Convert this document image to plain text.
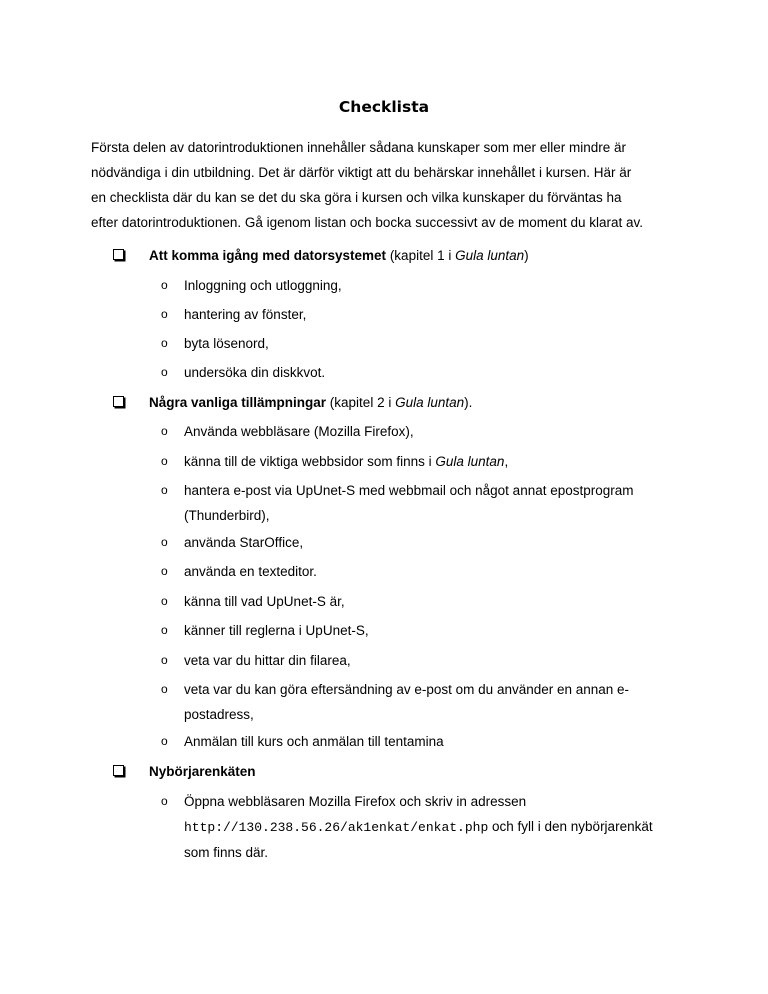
Checklista
Första delen av datorintroduktionen innehåller sådana kunskaper som mer eller mindre är
nödvändiga i din utbildning. Det är därför viktigt att du behärskar innehållet i kursen. Här är
en checklista där du kan se det du ska göra i kursen och vilka kunskaper du förväntas ha
efter datorintroduktionen. Gå igenom listan och bocka successivt av de moment du klarat av.
Att komma igång med datorsystemet (kapitel 1 i Gula luntan)
o Inloggning och utloggning,
o hantering av fönster,
o byta lösenord,
o undersöka din diskkvot.
Några vanliga tillämpningar (kapitel 2 i Gula luntan).
o Använda webbläsare (Mozilla Firefox),
o känna till de viktiga webbsidor som finns i Gula luntan,
o hantera e-post via UpUnet-S med webbmail och något annat epostprogram
(Thunderbird),
o använda StarOffice,
o använda en texteditor.
o känna till vad UpUnet-S är,
o känner till reglerna i UpUnet-S,
o veta var du hittar din filarea,
o veta var du kan göra eftersändning av e-post om du använder en annan e-
postadress,
o Anmälan till kurs och anmälan till tentamina
Nybörjarenkäten
o Öppna webbläsaren Mozilla Firefox och skriv in adressen
http://130.238.56.26/ak1enkat/enkat.php och fyll i den nybörjarenkät
som finns där.
